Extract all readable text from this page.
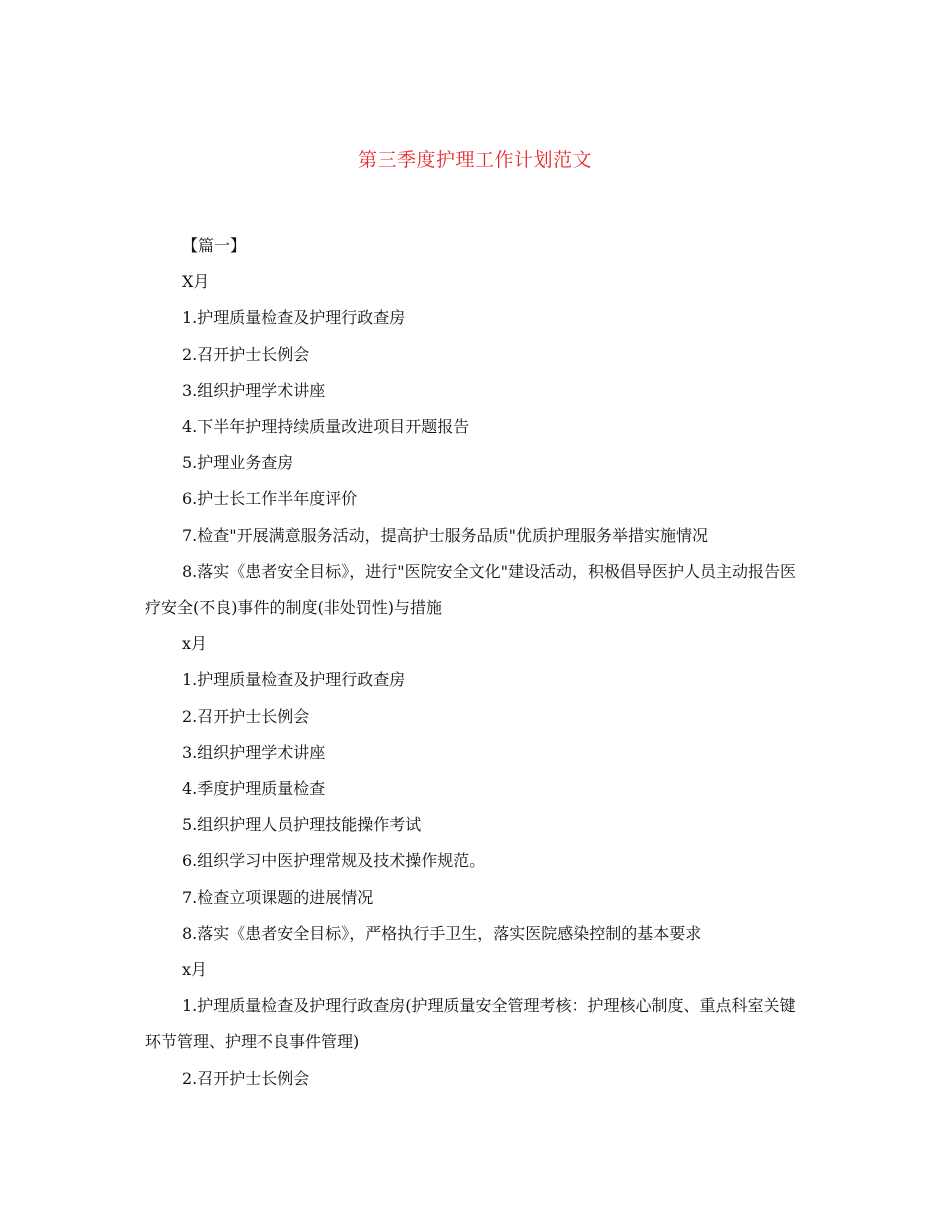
第三季度护理工作计划范文

【篇一】

X月

1.护理质量检查及护理行政查房

2.召开护士长例会

3.组织护理学术讲座

4.下半年护理持续质量改进项目开题报告

5.护理业务查房

6.护士长工作半年度评价

7.检查"开展满意服务活动，提高护士服务品质"优质护理服务举措实施情况

8.落实《患者安全目标》，进行"医院安全文化"建设活动，积极倡导医护人员主动报告医疗安全(不良)事件的制度(非处罚性)与措施

x月

1.护理质量检查及护理行政查房

2.召开护士长例会

3.组织护理学术讲座

4.季度护理质量检查

5.组织护理人员护理技能操作考试

6.组织学习中医护理常规及技术操作规范。

7.检查立项课题的进展情况

8.落实《患者安全目标》，严格执行手卫生，落实医院感染控制的基本要求

x月

1.护理质量检查及护理行政查房(护理质量安全管理考核：护理核心制度、重点科室关键环节管理、护理不良事件管理)

2.召开护士长例会
